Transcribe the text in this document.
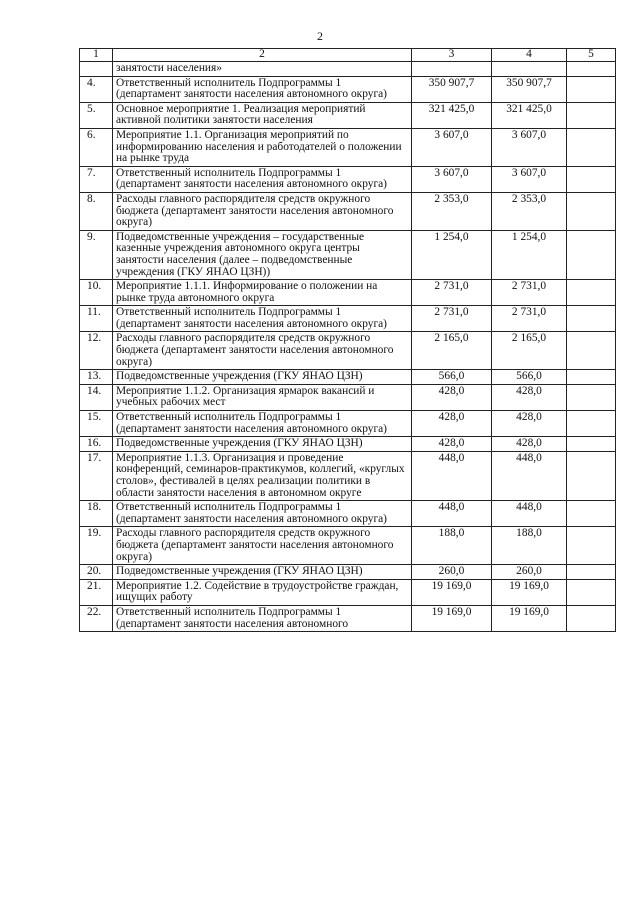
2
1	2	3	4	5
	занятости населения»			
4.	Ответственный исполнитель Подпрограммы 1 (департамент занятости населения автономного округа)	350 907,7	350 907,7	
5.	Основное мероприятие 1. Реализация мероприятий активной политики занятости населения	321 425,0	321 425,0	
6.	Мероприятие 1.1. Организация мероприятий по информированию населения и работодателей о положении на рынке труда	3 607,0	3 607,0	
7.	Ответственный исполнитель Подпрограммы 1 (департамент занятости населения автономного округа)	3 607,0	3 607,0	
8.	Расходы главного распорядителя средств окружного бюджета (департамент занятости населения автономного округа)	2 353,0	2 353,0	
9.	Подведомственные учреждения – государственные казенные учреждения автономного округа центры занятости населения (далее – подведомственные учреждения (ГКУ ЯНАО ЦЗН))	1 254,0	1 254,0	
10.	Мероприятие 1.1.1. Информирование о положении на рынке труда автономного округа	2 731,0	2 731,0	
11.	Ответственный исполнитель Подпрограммы 1 (департамент занятости населения автономного округа)	2 731,0	2 731,0	
12.	Расходы главного распорядителя средств окружного бюджета (департамент занятости населения автономного округа)	2 165,0	2 165,0	
13.	Подведомственные учреждения (ГКУ ЯНАО ЦЗН)	566,0	566,0	
14.	Мероприятие 1.1.2. Организация ярмарок вакансий и учебных рабочих мест	428,0	428,0	
15.	Ответственный исполнитель Подпрограммы 1 (департамент занятости населения автономного округа)	428,0	428,0	
16.	Подведомственные учреждения (ГКУ ЯНАО ЦЗН)	428,0	428,0	
17.	Мероприятие 1.1.3. Организация и проведение конференций, семинаров-практикумов, коллегий, «круглых столов», фестивалей в целях реализации политики в области занятости населения в автономном округе	448,0	448,0	
18.	Ответственный исполнитель Подпрограммы 1 (департамент занятости населения автономного округа)	448,0	448,0	
19.	Расходы главного распорядителя средств окружного бюджета (департамент занятости населения автономного округа)	188,0	188,0	
20.	Подведомственные учреждения (ГКУ ЯНАО ЦЗН)	260,0	260,0	
21.	Мероприятие 1.2. Содействие в трудоустройстве граждан, ищущих работу	19 169,0	19 169,0	
22.	Ответственный исполнитель Подпрограммы 1 (департамент занятости населения автономного	19 169,0	19 169,0	
